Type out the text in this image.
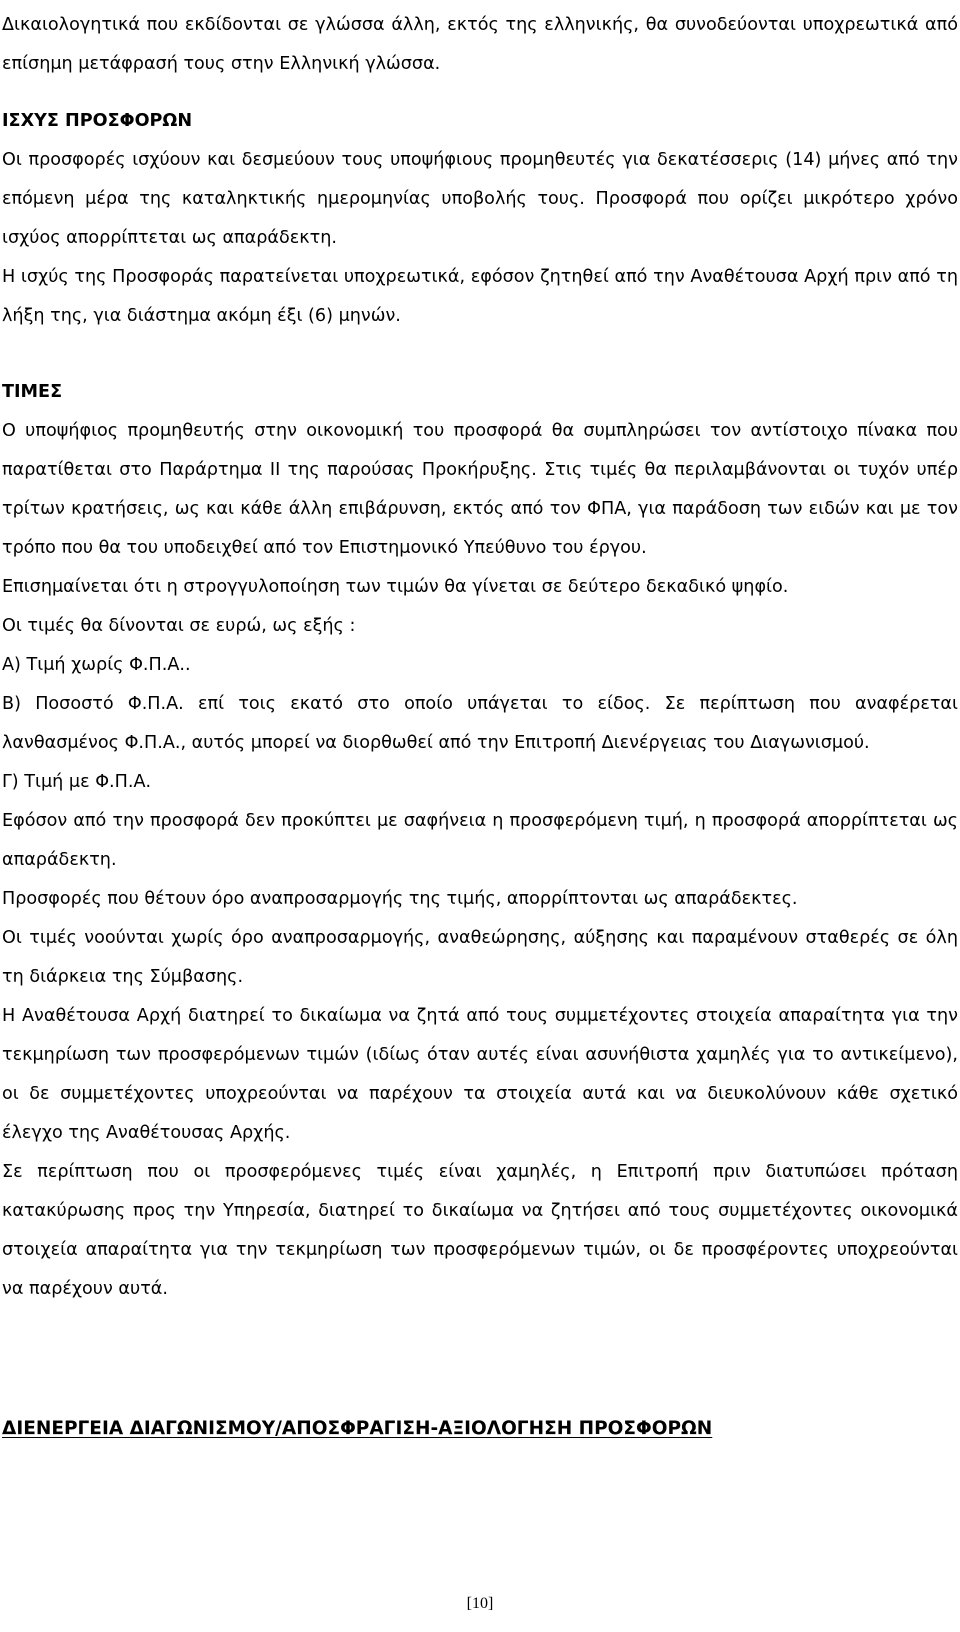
Δικαιολογητικά που εκδίδονται σε γλώσσα άλλη, εκτός της ελληνικής, θα συνοδεύονται υποχρεωτικά από επίσημη μετάφρασή τους στην Ελληνική γλώσσα.

ΙΣΧΥΣ ΠΡΟΣΦΟΡΩΝ

Οι προσφορές ισχύουν και δεσμεύουν τους υποψήφιους προμηθευτές για δεκατέσσερις (14) μήνες από την επόμενη μέρα της καταληκτικής ημερομηνίας υποβολής τους. Προσφορά που ορίζει μικρότερο χρόνο ισχύος απορρίπτεται ως απαράδεκτη.

Η ισχύς της Προσφοράς παρατείνεται υποχρεωτικά, εφόσον ζητηθεί από την Αναθέτουσα Αρχή πριν από τη λήξη της, για διάστημα ακόμη έξι (6) μηνών.

ΤΙΜΕΣ

Ο υποψήφιος προμηθευτής στην οικονομική του προσφορά θα συμπληρώσει τον αντίστοιχο πίνακα που παρατίθεται στο Παράρτημα ΙΙ της παρούσας Προκήρυξης. Στις τιμές θα περιλαμβάνονται οι τυχόν υπέρ τρίτων κρατήσεις, ως και κάθε άλλη επιβάρυνση, εκτός από τον ΦΠΑ, για παράδοση των ειδών και με τον τρόπο που θα του υποδειχθεί από τον Επιστημονικό Υπεύθυνο του έργου.

Επισημαίνεται ότι η στρογγυλοποίηση των τιμών θα γίνεται σε δεύτερο δεκαδικό ψηφίο.

Οι τιμές θα δίνονται σε ευρώ, ως εξής :

Α) Τιμή χωρίς Φ.Π.Α..

Β) Ποσοστό Φ.Π.Α. επί τοις εκατό στο οποίο υπάγεται το είδος. Σε περίπτωση που αναφέρεται λανθασμένος Φ.Π.Α., αυτός μπορεί να διορθωθεί από την Επιτροπή Διενέργειας του Διαγωνισμού.

Γ) Τιμή με Φ.Π.Α.

Εφόσον από την προσφορά δεν προκύπτει με σαφήνεια η προσφερόμενη τιμή, η προσφορά απορρίπτεται ως απαράδεκτη.

Προσφορές που θέτουν όρο αναπροσαρμογής της τιμής, απορρίπτονται ως απαράδεκτες.

Οι τιμές νοούνται χωρίς όρο αναπροσαρμογής, αναθεώρησης, αύξησης και παραμένουν σταθερές σε όλη τη διάρκεια της Σύμβασης.

Η Αναθέτουσα Αρχή διατηρεί το δικαίωμα να ζητά από τους συμμετέχοντες στοιχεία απαραίτητα για την τεκμηρίωση των προσφερόμενων τιμών (ιδίως όταν αυτές είναι ασυνήθιστα χαμηλές για το αντικείμενο), οι δε συμμετέχοντες υποχρεούνται να παρέχουν τα στοιχεία αυτά και να διευκολύνουν κάθε σχετικό έλεγχο της Αναθέτουσας Αρχής.

Σε περίπτωση που οι προσφερόμενες τιμές είναι χαμηλές, η Επιτροπή πριν διατυπώσει πρόταση κατακύρωσης προς την Υπηρεσία, διατηρεί το δικαίωμα να ζητήσει από τους συμμετέχοντες οικονομικά στοιχεία απαραίτητα για την τεκμηρίωση των προσφερόμενων τιμών, οι δε προσφέροντες υποχρεούνται να παρέχουν αυτά.

ΔΙΕΝΕΡΓΕΙΑ ΔΙΑΓΩΝΙΣΜΟΥ/ΑΠΟΣΦΡΑΓΙΣΗ-ΑΞΙΟΛΟΓΗΣΗ ΠΡΟΣΦΟΡΩΝ
[10]
